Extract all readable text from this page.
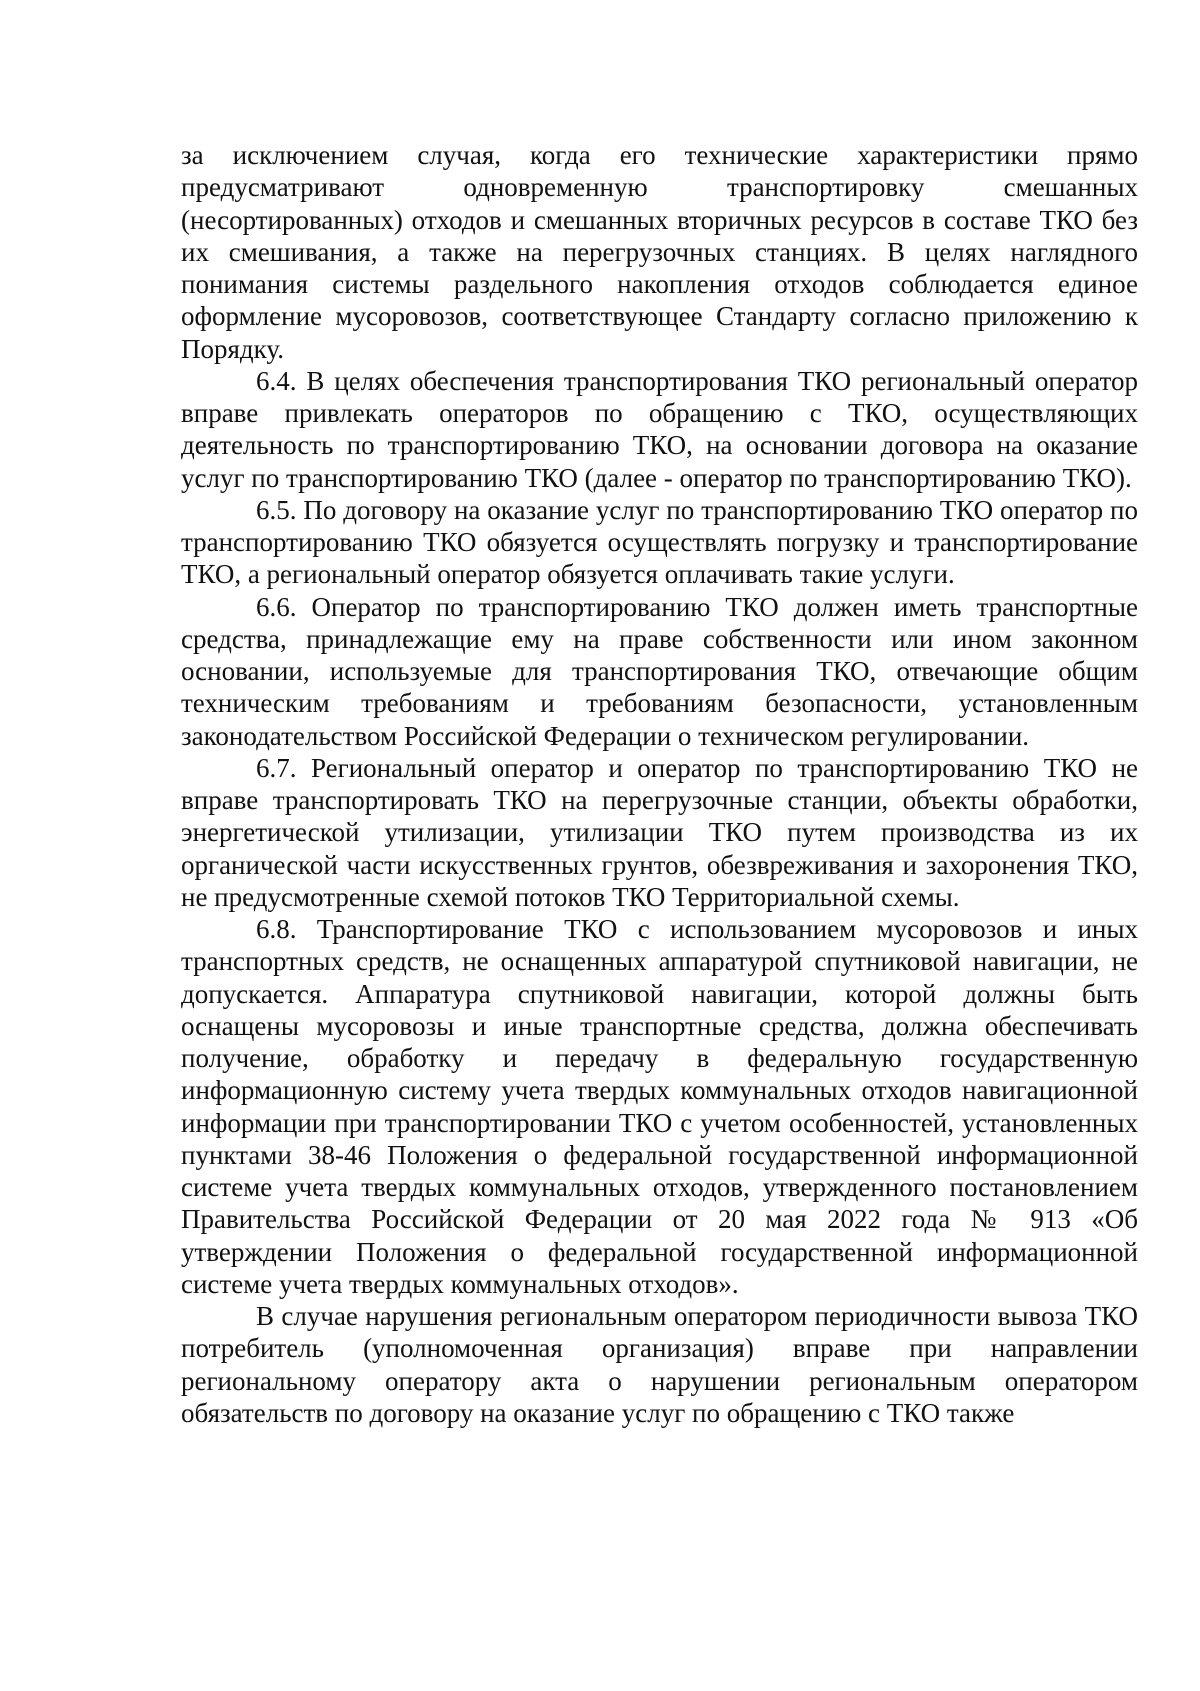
за исключением случая, когда его технические характеристики прямо предусматривают одновременную транспортировку смешанных (несортированных) отходов и смешанных вторичных ресурсов в составе ТКО без их смешивания, а также на перегрузочных станциях. В целях наглядного понимания системы раздельного накопления отходов соблюдается единое оформление мусоровозов, соответствующее Стандарту согласно приложению к Порядку.

6.4. В целях обеспечения транспортирования ТКО региональный оператор вправе привлекать операторов по обращению с ТКО, осуществляющих деятельность по транспортированию ТКО, на основании договора на оказание услуг по транспортированию ТКО (далее - оператор по транспортированию ТКО).

6.5. По договору на оказание услуг по транспортированию ТКО оператор по транспортированию ТКО обязуется осуществлять погрузку и транспортирование ТКО, а региональный оператор обязуется оплачивать такие услуги.

6.6. Оператор по транспортированию ТКО должен иметь транспортные средства, принадлежащие ему на праве собственности или ином законном основании, используемые для транспортирования ТКО, отвечающие общим техническим требованиям и требованиям безопасности, установленным законодательством Российской Федерации о техническом регулировании.

6.7. Региональный оператор и оператор по транспортированию ТКО не вправе транспортировать ТКО на перегрузочные станции, объекты обработки, энергетической утилизации, утилизации ТКО путем производства из их органической части искусственных грунтов, обезвреживания и захоронения ТКО, не предусмотренные схемой потоков ТКО Территориальной схемы.

6.8. Транспортирование ТКО с использованием мусоровозов и иных транспортных средств, не оснащенных аппаратурой спутниковой навигации, не допускается. Аппаратура спутниковой навигации, которой должны быть оснащены мусоровозы и иные транспортные средства, должна обеспечивать получение, обработку и передачу в федеральную государственную информационную систему учета твердых коммунальных отходов навигационной информации при транспортировании ТКО с учетом особенностей, установленных пунктами 38-46 Положения о федеральной государственной информационной системе учета твердых коммунальных отходов, утвержденного постановлением Правительства Российской Федерации от 20 мая 2022 года № 913 «Об утверждении Положения о федеральной государственной информационной системе учета твердых коммунальных отходов».

В случае нарушения региональным оператором периодичности вывоза ТКО потребитель (уполномоченная организация) вправе при направлении региональному оператору акта о нарушении региональным оператором обязательств по договору на оказание услуг по обращению с ТКО также
